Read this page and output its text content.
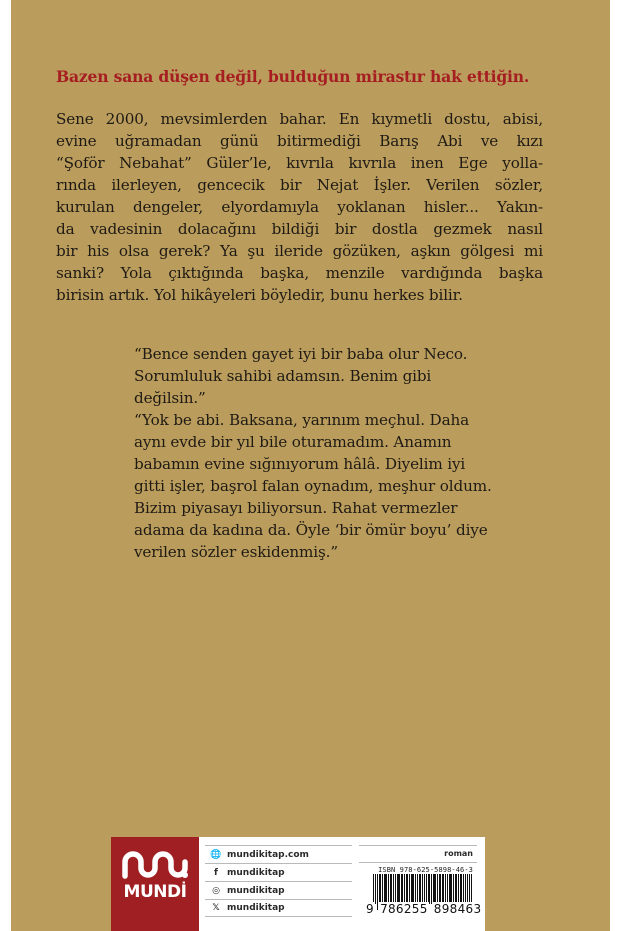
Bazen sana düşen değil, bulduğun mirastır hak ettiğin.
Sene 2000, mevsimlerden bahar. En kıymetli dostu, abisi,
evine uğramadan günü bitirmediği Barış Abi ve kızı
“Şoför Nebahat” Güler’le, kıvrıla kıvrıla inen Ege yolla-
rında ilerleyen, gencecik bir Nejat İşler. Verilen sözler,
kurulan dengeler, elyordamıyla yoklanan hisler... Yakın-
da vadesinin dolacağını bildiği bir dostla gezmek nasıl
bir his olsa gerek? Ya şu ileride gözüken, aşkın gölgesi mi
sanki? Yola çıktığında başka, menzile vardığında başka
birisin artık. Yol hikâyeleri böyledir, bunu herkes bilir.
“Bence senden gayet iyi bir baba olur Neco.
Sorumluluk sahibi adamsın. Benim gibi
değilsin.”
“Yok be abi. Baksana, yarınım meçhul. Daha
aynı evde bir yıl bile oturamadım. Anamın
babamın evine sığınıyorum hâlâ. Diyelim iyi
gitti işler, başrol falan oynadım, meşhur oldum.
Bizim piyasayı biliyorsun. Rahat vermezler
adama da kadına da. Öyle ‘bir ömür boyu’ diye
verilen sözler eskidenmiş.”
MUNDİ
🌐 mundikitap.com
f	mundikitap
◎ mundikitap
𝕏 mundikitap
roman
ISBN 978-625-5898-46-3
9 786255 898463
